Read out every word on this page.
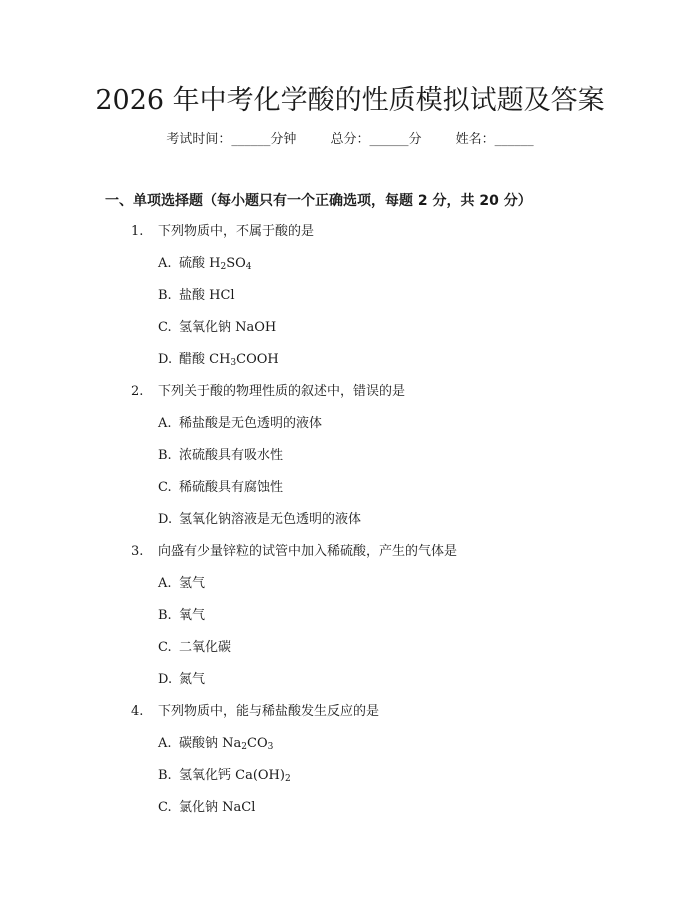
2026 年中考化学酸的性质模拟试题及答案
考试时间：______分钟	总分：______分	姓名：______
一、单项选择题（每小题只有一个正确选项，每题 2 分，共 20 分）
1. 下列物质中，不属于酸的是
A. 硫酸 $H_2SO_4$
B. 盐酸 HCl
C. 氢氧化钠 NaOH
D. 醋酸 $CH_3COOH$
2. 下列关于酸的物理性质的叙述中，错误的是
A. 稀盐酸是无色透明的液体
B. 浓硫酸具有吸水性
C. 稀硫酸具有腐蚀性
D. 氢氧化钠溶液是无色透明的液体
3. 向盛有少量锌粒的试管中加入稀硫酸，产生的气体是
A. 氢气
B. 氧气
C. 二氧化碳
D. 氮气
4. 下列物质中，能与稀盐酸发生反应的是
A. 碳酸钠 $Na_2CO_3$
B. 氢氧化钙 $Ca(OH)_2$
C. 氯化钠 NaCl
